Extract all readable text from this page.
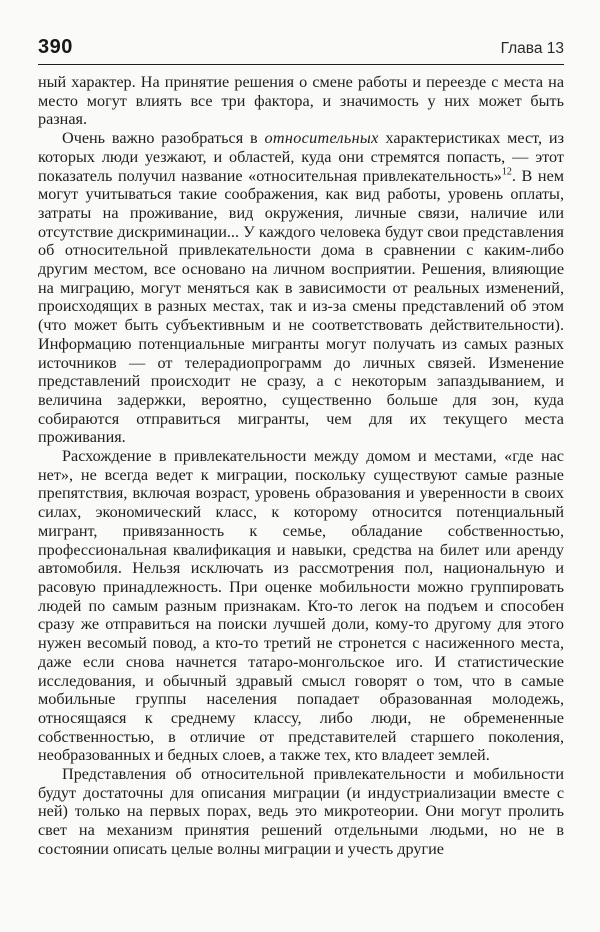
390	Глава 13

ный характер. На принятие решения о смене работы и переезде с места на место могут влиять все три фактора, и значимость у них может быть разная.

Очень важно разобраться в относительных характеристиках мест, из которых люди уезжают, и областей, куда они стремятся попасть, — этот показатель получил название «относительная привлекательность»$^{12}$. В нем могут учитываться такие соображения, как вид работы, уровень оплаты, затраты на проживание, вид окружения, личные связи, наличие или отсутствие дискриминации... У каждого человека будут свои представления об относительной привлекательности дома в сравнении с каким-либо другим местом, все основано на личном восприятии. Решения, влияющие на миграцию, могут меняться как в зависимости от реальных изменений, происходящих в разных местах, так и из-за смены представлений об этом (что может быть субъективным и не соответствовать действительности). Информацию потенциальные мигранты могут получать из самых разных источников — от телерадиопрограмм до личных связей. Изменение представлений происходит не сразу, а с некоторым запаздыванием, и величина задержки, вероятно, существенно больше для зон, куда собираются отправиться мигранты, чем для их текущего места проживания.

Расхождение в привлекательности между домом и местами, «где нас нет», не всегда ведет к миграции, поскольку существуют самые разные препятствия, включая возраст, уровень образования и уверенности в своих силах, экономический класс, к которому относится потенциальный мигрант, привязанность к семье, обладание собственностью, профессиональная квалификация и навыки, средства на билет или аренду автомобиля. Нельзя исключать из рассмотрения пол, национальную и расовую принадлежность. При оценке мобильности можно группировать людей по самым разным признакам. Кто-то легок на подъем и способен сразу же отправиться на поиски лучшей доли, кому-то другому для этого нужен весомый повод, а кто-то третий не стронется с насиженного места, даже если снова начнется татаро-монгольское иго. И статистические исследования, и обычный здравый смысл говорят о том, что в самые мобильные группы населения попадает образованная молодежь, относящаяся к среднему классу, либо люди, не обремененные собственностью, в отличие от представителей старшего поколения, необразованных и бедных слоев, а также тех, кто владеет землей.

Представления об относительной привлекательности и мобильности будут достаточны для описания миграции (и индустриализации вместе с ней) только на первых порах, ведь это микротеории. Они могут пролить свет на механизм принятия решений отдельными людьми, но не в состоянии описать целые волны миграции и учесть другие
